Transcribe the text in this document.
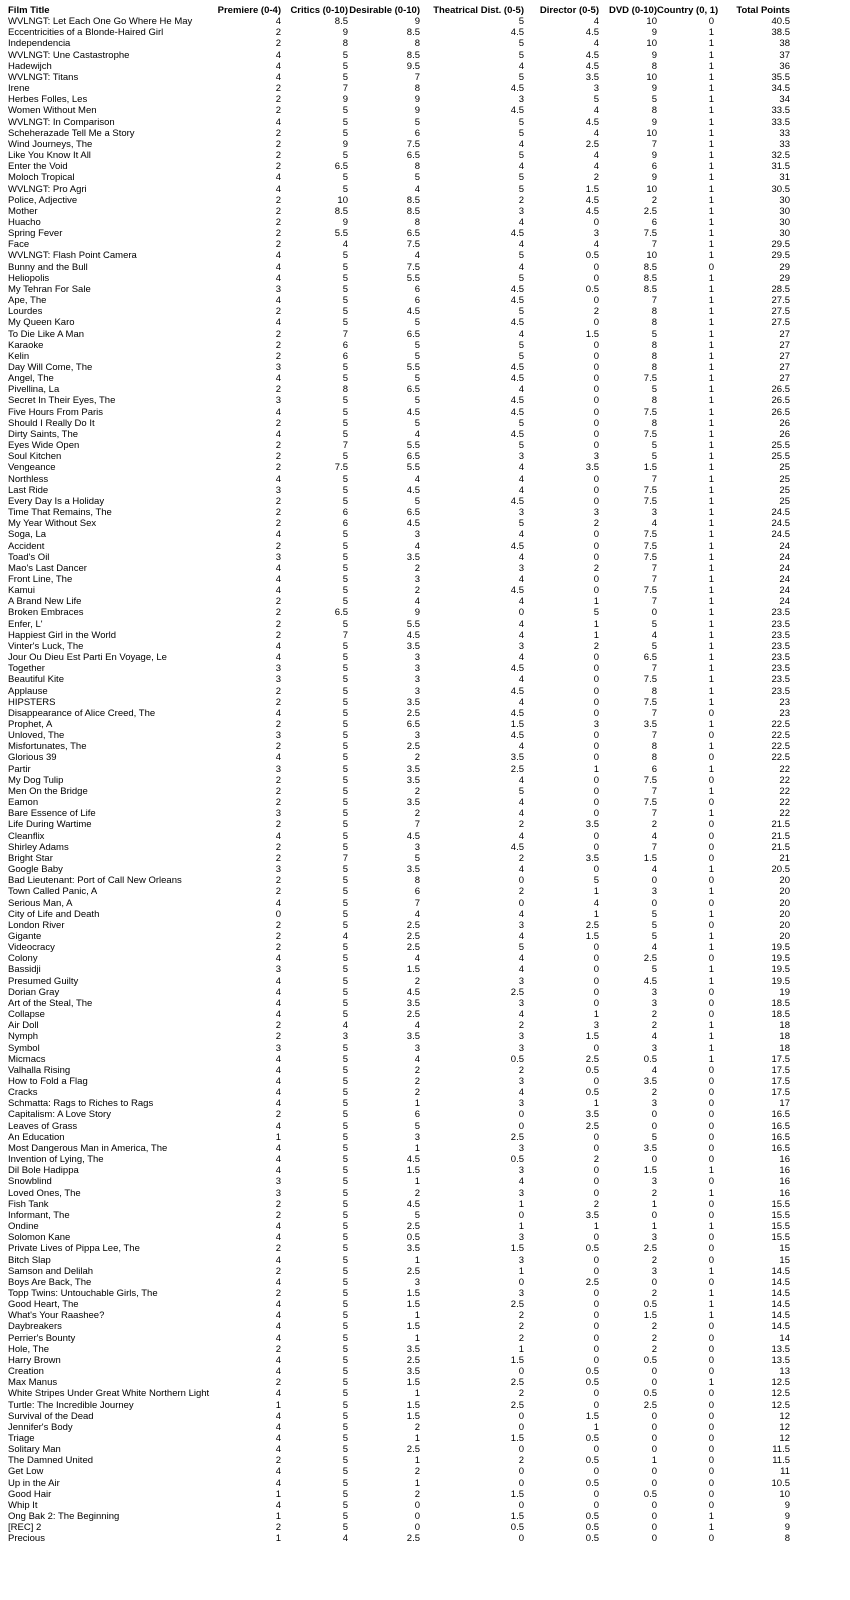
Film Title	Premiere (0-4)	Critics (0-10)	Desirable (0-10)	Theatrical Dist. (0-5)	Director (0-5)	DVD (0-10)	Country (0, 1)	Total Points
WVLNGT: Let Each One Go Where He May	4	8.5	9	5	4	10	0	40.5
Eccentricities of a Blonde-Haired Girl	2	9	8.5	4.5	4.5	9	1	38.5
Independencia	2	8	8	5	4	10	1	38
WVLNGT: Une Castastrophe	4	5	8.5	5	4.5	9	1	37
Hadewijch	4	5	9.5	4	4.5	8	1	36
WVLNGT: Titans	4	5	7	5	3.5	10	1	35.5
Irene	2	7	8	4.5	3	9	1	34.5
Herbes Folles, Les	2	9	9	3	5	5	1	34
Women Without Men	2	5	9	4.5	4	8	1	33.5
WVLNGT: In Comparison	4	5	5	5	4.5	9	1	33.5
Scheherazade Tell Me a Story	2	5	6	5	4	10	1	33
Wind Journeys, The	2	9	7.5	4	2.5	7	1	33
Like You Know It All	2	5	6.5	5	4	9	1	32.5
Enter the Void	2	6.5	8	4	4	6	1	31.5
Moloch Tropical	4	5	5	5	2	9	1	31
WVLNGT: Pro Agri	4	5	4	5	1.5	10	1	30.5
Police, Adjective	2	10	8.5	2	4.5	2	1	30
Mother	2	8.5	8.5	3	4.5	2.5	1	30
Huacho	2	9	8	4	0	6	1	30
Spring Fever	2	5.5	6.5	4.5	3	7.5	1	30
Face	2	4	7.5	4	4	7	1	29.5
WVLNGT: Flash Point Camera	4	5	4	5	0.5	10	1	29.5
Bunny and the Bull	4	5	7.5	4	0	8.5	0	29
Heliopolis	4	5	5.5	5	0	8.5	1	29
My Tehran For Sale	3	5	6	4.5	0.5	8.5	1	28.5
Ape, The	4	5	6	4.5	0	7	1	27.5
Lourdes	2	5	4.5	5	2	8	1	27.5
My Queen Karo	4	5	5	4.5	0	8	1	27.5
To Die Like A Man	2	7	6.5	4	1.5	5	1	27
Karaoke	2	6	5	5	0	8	1	27
Kelin	2	6	5	5	0	8	1	27
Day Will Come, The	3	5	5.5	4.5	0	8	1	27
Angel, The	4	5	5	4.5	0	7.5	1	27
Pivellina, La	2	8	6.5	4	0	5	1	26.5
Secret In Their Eyes, The	3	5	5	4.5	0	8	1	26.5
Five Hours From Paris	4	5	4.5	4.5	0	7.5	1	26.5
Should I Really Do It	2	5	5	5	0	8	1	26
Dirty Saints, The	4	5	4	4.5	0	7.5	1	26
Eyes Wide Open	2	7	5.5	5	0	5	1	25.5
Soul Kitchen	2	5	6.5	3	3	5	1	25.5
Vengeance	2	7.5	5.5	4	3.5	1.5	1	25
Northless	4	5	4	4	0	7	1	25
Last Ride	3	5	4.5	4	0	7.5	1	25
Every Day Is a Holiday	2	5	5	4.5	0	7.5	1	25
Time That Remains, The	2	6	6.5	3	3	3	1	24.5
My Year Without Sex	2	6	4.5	5	2	4	1	24.5
Soga, La	4	5	3	4	0	7.5	1	24.5
Accident	2	5	4	4.5	0	7.5	1	24
Toad's Oil	3	5	3.5	4	0	7.5	1	24
Mao's Last Dancer	4	5	2	3	2	7	1	24
Front Line, The	4	5	3	4	0	7	1	24
Kamui	4	5	2	4.5	0	7.5	1	24
A Brand New Life	2	5	4	4	1	7	1	24
Broken Embraces	2	6.5	9	0	5	0	1	23.5
Enfer, L'	2	5	5.5	4	1	5	1	23.5
Happiest Girl in the World	2	7	4.5	4	1	4	1	23.5
Vinter's Luck, The	4	5	3.5	3	2	5	1	23.5
Jour Ou Dieu Est Parti En Voyage, Le	4	5	3	4	0	6.5	1	23.5
Together	3	5	3	4.5	0	7	1	23.5
Beautiful Kite	3	5	3	4	0	7.5	1	23.5
Applause	2	5	3	4.5	0	8	1	23.5
HIPSTERS	2	5	3.5	4	0	7.5	1	23
Disappearance of Alice Creed, The	4	5	2.5	4.5	0	7	0	23
Prophet, A	2	5	6.5	1.5	3	3.5	1	22.5
Unloved, The	3	5	3	4.5	0	7	0	22.5
Misfortunates, The	2	5	2.5	4	0	8	1	22.5
Glorious 39	4	5	2	3.5	0	8	0	22.5
Partir	3	5	3.5	2.5	1	6	1	22
My Dog Tulip	2	5	3.5	4	0	7.5	0	22
Men On the Bridge	2	5	2	5	0	7	1	22
Eamon	2	5	3.5	4	0	7.5	0	22
Bare Essence of Life	3	5	2	4	0	7	1	22
Life During Wartime	2	5	7	2	3.5	2	0	21.5
Cleanflix	4	5	4.5	4	0	4	0	21.5
Shirley Adams	2	5	3	4.5	0	7	0	21.5
Bright Star	2	7	5	2	3.5	1.5	0	21
Google Baby	3	5	3.5	4	0	4	1	20.5
Bad Lieutenant: Port of Call New Orleans	2	5	8	0	5	0	0	20
Town Called Panic, A	2	5	6	2	1	3	1	20
Serious Man, A	4	5	7	0	4	0	0	20
City of Life and Death	0	5	4	4	1	5	1	20
London River	2	5	2.5	3	2.5	5	0	20
Gigante	2	4	2.5	4	1.5	5	1	20
Videocracy	2	5	2.5	5	0	4	1	19.5
Colony	4	5	4	4	0	2.5	0	19.5
Bassidji	3	5	1.5	4	0	5	1	19.5
Presumed Guilty	4	5	2	3	0	4.5	1	19.5
Dorian Gray	4	5	4.5	2.5	0	3	0	19
Art of the Steal, The	4	5	3.5	3	0	3	0	18.5
Collapse	4	5	2.5	4	1	2	0	18.5
Air Doll	2	4	4	2	3	2	1	18
Nymph	2	3	3.5	3	1.5	4	1	18
Symbol	3	5	3	3	0	3	1	18
Micmacs	4	5	4	0.5	2.5	0.5	1	17.5
Valhalla Rising	4	5	2	2	0.5	4	0	17.5
How to Fold a Flag	4	5	2	3	0	3.5	0	17.5
Cracks	4	5	2	4	0.5	2	0	17.5
Schmatta: Rags to Riches to Rags	4	5	1	3	1	3	0	17
Capitalism: A Love Story	2	5	6	0	3.5	0	0	16.5
Leaves of Grass	4	5	5	0	2.5	0	0	16.5
An Education	1	5	3	2.5	0	5	0	16.5
Most Dangerous Man in America, The	4	5	1	3	0	3.5	0	16.5
Invention of Lying, The	4	5	4.5	0.5	2	0	0	16
Dil Bole Hadippa	4	5	1.5	3	0	1.5	1	16
Snowblind	3	5	1	4	0	3	0	16
Loved Ones, The	3	5	2	3	0	2	1	16
Fish Tank	2	5	4.5	1	2	1	0	15.5
Informant, The	2	5	5	0	3.5	0	0	15.5
Ondine	4	5	2.5	1	1	1	1	15.5
Solomon Kane	4	5	0.5	3	0	3	0	15.5
Private Lives of Pippa Lee, The	2	5	3.5	1.5	0.5	2.5	0	15
Bitch Slap	4	5	1	3	0	2	0	15
Samson and Delilah	2	5	2.5	1	0	3	1	14.5
Boys Are Back, The	4	5	3	0	2.5	0	0	14.5
Topp Twins: Untouchable Girls, The	2	5	1.5	3	0	2	1	14.5
Good Heart, The	4	5	1.5	2.5	0	0.5	1	14.5
What's Your Raashee?	4	5	1	2	0	1.5	1	14.5
Daybreakers	4	5	1.5	2	0	2	0	14.5
Perrier's Bounty	4	5	1	2	0	2	0	14
Hole, The	2	5	3.5	1	0	2	0	13.5
Harry Brown	4	5	2.5	1.5	0	0.5	0	13.5
Creation	4	5	3.5	0	0.5	0	0	13
Max Manus	2	5	1.5	2.5	0.5	0	1	12.5
White Stripes Under Great White Northern Light	4	5	1	2	0	0.5	0	12.5
Turtle: The Incredible Journey	1	5	1.5	2.5	0	2.5	0	12.5
Survival of the Dead	4	5	1.5	0	1.5	0	0	12
Jennifer's Body	4	5	2	0	1	0	0	12
Triage	4	5	1	1.5	0.5	0	0	12
Solitary Man	4	5	2.5	0	0	0	0	11.5
The Damned United	2	5	1	2	0.5	1	0	11.5
Get Low	4	5	2	0	0	0	0	11
Up in the Air	4	5	1	0	0.5	0	0	10.5
Good Hair	1	5	2	1.5	0	0.5	0	10
Whip It	4	5	0	0	0	0	0	9
Ong Bak 2: The Beginning	1	5	0	1.5	0.5	0	1	9
[REC] 2	2	5	0	0.5	0.5	0	1	9
Precious	1	4	2.5	0	0.5	0	0	8
